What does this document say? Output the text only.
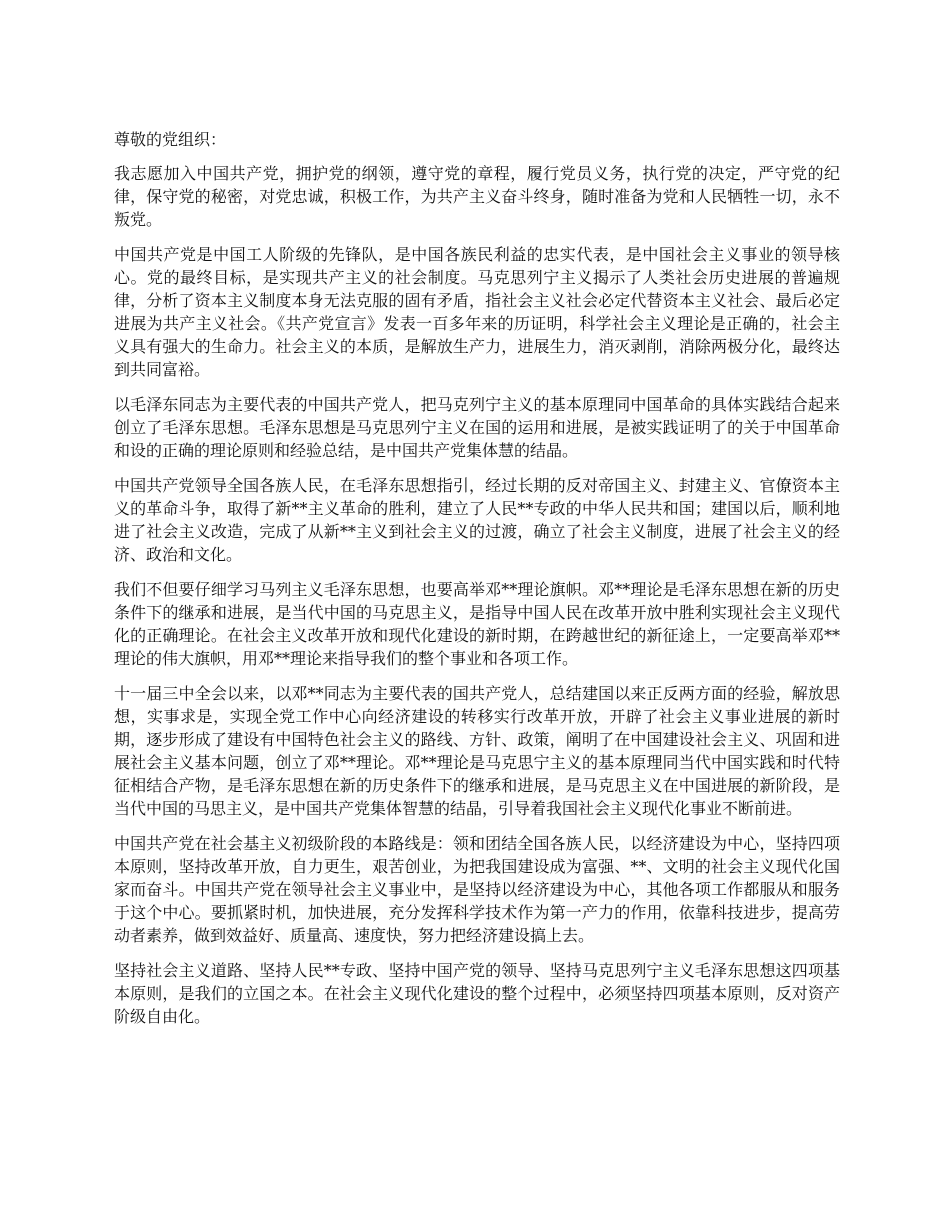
尊敬的党组织：

我志愿加入中国共产党，拥护党的纲领，遵守党的章程，履行党员义务，执行党的决定，严守党的纪律，保守党的秘密，对党忠诚，积极工作，为共产主义奋斗终身，随时准备为党和人民牺牲一切，永不叛党。

中国共产党是中国工人阶级的先锋队，是中国各族民利益的忠实代表，是中国社会主义事业的领导核心。党的最终目标，是实现共产主义的社会制度。马克思列宁主义揭示了人类社会历史进展的普遍规律，分析了资本主义制度本身无法克服的固有矛盾，指社会主义社会必定代替资本主义社会、最后必定进展为共产主义社会。《共产党宣言》发表一百多年来的历证明，科学社会主义理论是正确的，社会主义具有强大的生命力。社会主义的本质，是解放生产力，进展生力，消灭剥削，消除两极分化，最终达到共同富裕。

以毛泽东同志为主要代表的中国共产党人，把马克列宁主义的基本原理同中国革命的具体实践结合起来创立了毛泽东思想。毛泽东思想是马克思列宁主义在国的运用和进展，是被实践证明了的关于中国革命和设的正确的理论原则和经验总结，是中国共产党集体慧的结晶。

中国共产党领导全国各族人民，在毛泽东思想指引，经过长期的反对帝国主义、封建主义、官僚资本主义的革命斗争，取得了新**主义革命的胜利，建立了人民**专政的中华人民共和国；建国以后，顺利地进了社会主义改造，完成了从新**主义到社会主义的过渡，确立了社会主义制度，进展了社会主义的经济、政治和文化。

我们不但要仔细学习马列主义毛泽东思想，也要高举邓**理论旗帜。邓**理论是毛泽东思想在新的历史条件下的继承和进展，是当代中国的马克思主义，是指导中国人民在改革开放中胜利实现社会主义现代化的正确理论。在社会主义改革开放和现代化建设的新时期，在跨越世纪的新征途上，一定要高举邓**理论的伟大旗帜，用邓**理论来指导我们的整个事业和各项工作。

十一届三中全会以来，以邓**同志为主要代表的国共产党人，总结建国以来正反两方面的经验，解放思想，实事求是，实现全党工作中心向经济建设的转移实行改革开放，开辟了社会主义事业进展的新时期，逐步形成了建设有中国特色社会主义的路线、方针、政策，阐明了在中国建设社会主义、巩固和进展社会主义基本问题，创立了邓**理论。邓**理论是马克思宁主义的基本原理同当代中国实践和时代特征相结合产物，是毛泽东思想在新的历史条件下的继承和进展，是马克思主义在中国进展的新阶段，是当代中国的马思主义，是中国共产党集体智慧的结晶，引导着我国社会主义现代化事业不断前进。

中国共产党在社会基主义初级阶段的本路线是：领和团结全国各族人民，以经济建设为中心，坚持四项本原则，坚持改革开放，自力更生，艰苦创业，为把我国建设成为富强、**、文明的社会主义现代化国家而奋斗。中国共产党在领导社会主义事业中，是坚持以经济建设为中心，其他各项工作都服从和服务于这个中心。要抓紧时机，加快进展，充分发挥科学技术作为第一产力的作用，依靠科技进步，提高劳动者素养，做到效益好、质量高、速度快，努力把经济建设搞上去。

坚持社会主义道路、坚持人民**专政、坚持中国产党的领导、坚持马克思列宁主义毛泽东思想这四项基本原则，是我们的立国之本。在社会主义现代化建设的整个过程中，必须坚持四项基本原则，反对资产阶级自由化。
